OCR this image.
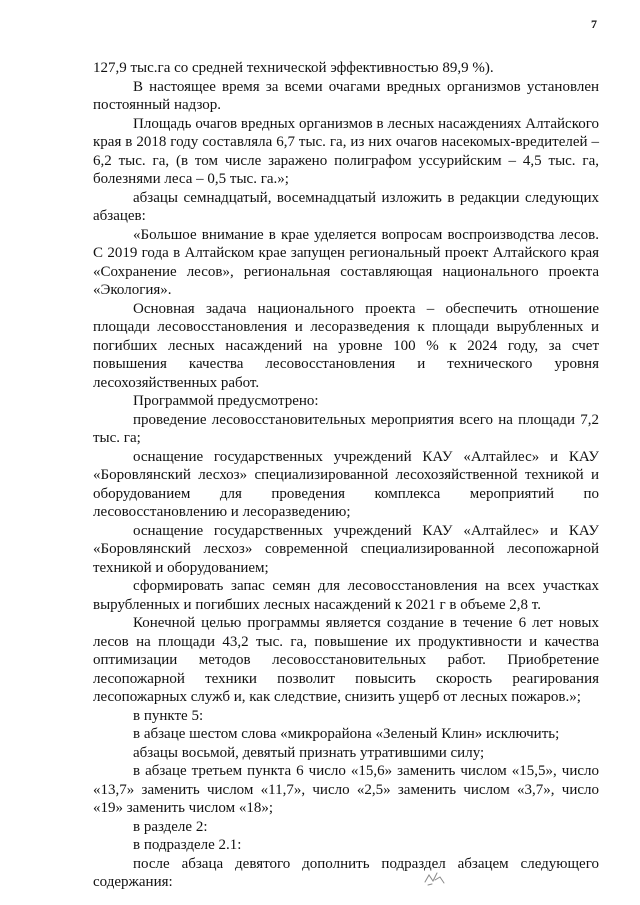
7

127,9 тыс.га со средней технической эффективностью 89,9 %).

В настоящее время за всеми очагами вредных организмов установлен постоянный надзор.

Площадь очагов вредных организмов в лесных насаждениях Алтайского края в 2018 году составляла 6,7 тыс. га, из них очагов насекомых-вредителей – 6,2 тыс. га, (в том числе заражено полиграфом уссурийским – 4,5 тыс. га, болезнями леса – 0,5 тыс. га.»;

абзацы семнадцатый, восемнадцатый изложить в редакции следующих абзацев:

«Большое внимание в крае уделяется вопросам воспроизводства лесов. С 2019 года в Алтайском крае запущен региональный проект Алтайского края «Сохранение лесов», региональная составляющая национального проекта «Экология».

Основная задача национального проекта – обеспечить отношение площади лесовосстановления и лесоразведения к площади вырубленных и погибших лесных насаждений на уровне 100 % к 2024 году, за счет повышения качества лесовосстановления и технического уровня лесохозяйственных работ.

Программой предусмотрено:

проведение лесовосстановительных мероприятия всего на площади 7,2 тыс. га;

оснащение государственных учреждений КАУ «Алтайлес» и КАУ «Боровлянский лесхоз» специализированной лесохозяйственной техникой и оборудованием для проведения комплекса мероприятий по лесовосстановлению и лесоразведению;

оснащение государственных учреждений КАУ «Алтайлес» и КАУ «Боровлянский лесхоз» современной специализированной лесопожарной техникой и оборудованием;

сформировать запас семян для лесовосстановления на всех участках вырубленных и погибших лесных насаждений к 2021 г в объеме 2,8 т.

Конечной целью программы является создание в течение 6 лет новых лесов на площади 43,2 тыс. га, повышение их продуктивности и качества оптимизации методов лесовосстановительных работ. Приобретение лесопожарной техники позволит повысить скорость реагирования лесопожарных служб и, как следствие, снизить ущерб от лесных пожаров.»;

в пункте 5:

в абзаце шестом слова «микрорайона «Зеленый Клин» исключить;

абзацы восьмой, девятый признать утратившими силу;

в абзаце третьем пункта 6 число «15,6» заменить числом «15,5», число «13,7» заменить числом «11,7», число «2,5» заменить числом «3,7», число «19» заменить числом «18»;

в разделе 2:

в подразделе 2.1:

после абзаца девятого дополнить подраздел абзацем следующего содержания:
